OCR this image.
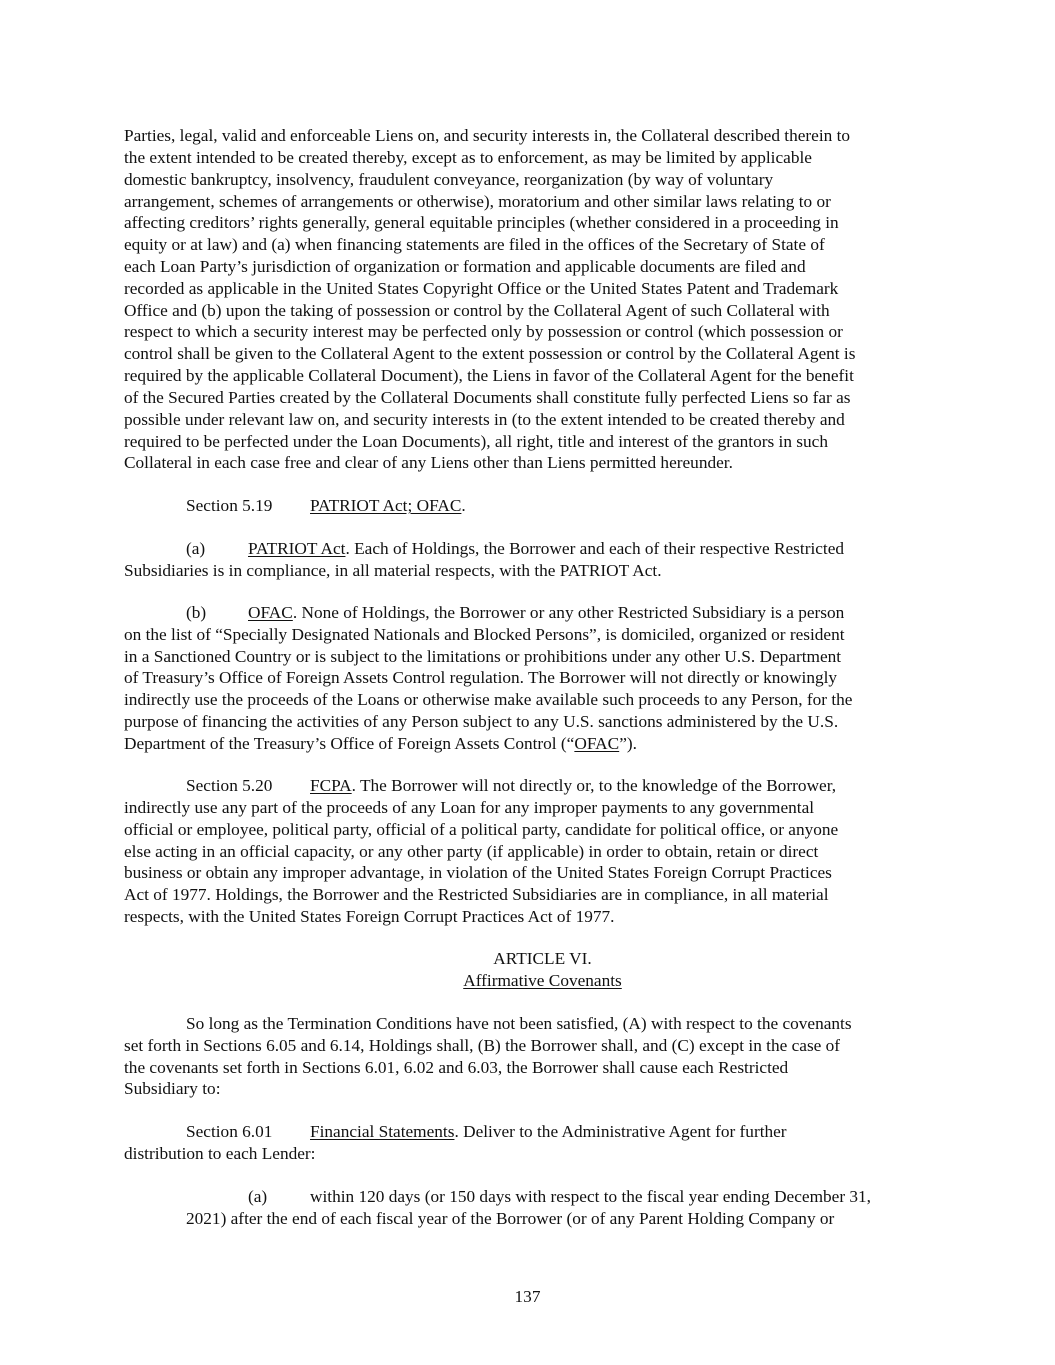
Parties, legal, valid and enforceable Liens on, and security interests in, the Collateral described therein to
the extent intended to be created thereby, except as to enforcement, as may be limited by applicable
domestic bankruptcy, insolvency, fraudulent conveyance, reorganization (by way of voluntary
arrangement, schemes of arrangements or otherwise), moratorium and other similar laws relating to or
affecting creditors’ rights generally, general equitable principles (whether considered in a proceeding in
equity or at law) and (a) when financing statements are filed in the offices of the Secretary of State of
each Loan Party’s jurisdiction of organization or formation and applicable documents are filed and
recorded as applicable in the United States Copyright Office or the United States Patent and Trademark
Office and (b) upon the taking of possession or control by the Collateral Agent of such Collateral with
respect to which a security interest may be perfected only by possession or control (which possession or
control shall be given to the Collateral Agent to the extent possession or control by the Collateral Agent is
required by the applicable Collateral Document), the Liens in favor of the Collateral Agent for the benefit
of the Secured Parties created by the Collateral Documents shall constitute fully perfected Liens so far as
possible under relevant law on, and security interests in (to the extent intended to be created thereby and
required to be perfected under the Loan Documents), all right, title and interest of the grantors in such
Collateral in each case free and clear of any Liens other than Liens permitted hereunder.
Section 5.19 PATRIOT Act; OFAC.
(a) PATRIOT Act. Each of Holdings, the Borrower and each of their respective Restricted
Subsidiaries is in compliance, in all material respects, with the PATRIOT Act.
(b) OFAC. None of Holdings, the Borrower or any other Restricted Subsidiary is a person
on the list of “Specially Designated Nationals and Blocked Persons”, is domiciled, organized or resident
in a Sanctioned Country or is subject to the limitations or prohibitions under any other U.S. Department
of Treasury’s Office of Foreign Assets Control regulation. The Borrower will not directly or knowingly
indirectly use the proceeds of the Loans or otherwise make available such proceeds to any Person, for the
purpose of financing the activities of any Person subject to any U.S. sanctions administered by the U.S.
Department of the Treasury’s Office of Foreign Assets Control (“OFAC”).
Section 5.20 FCPA. The Borrower will not directly or, to the knowledge of the Borrower,
indirectly use any part of the proceeds of any Loan for any improper payments to any governmental
official or employee, political party, official of a political party, candidate for political office, or anyone
else acting in an official capacity, or any other party (if applicable) in order to obtain, retain or direct
business or obtain any improper advantage, in violation of the United States Foreign Corrupt Practices
Act of 1977. Holdings, the Borrower and the Restricted Subsidiaries are in compliance, in all material
respects, with the United States Foreign Corrupt Practices Act of 1977.
ARTICLE VI.
Affirmative Covenants
So long as the Termination Conditions have not been satisfied, (A) with respect to the covenants
set forth in Sections 6.05 and 6.14, Holdings shall, (B) the Borrower shall, and (C) except in the case of
the covenants set forth in Sections 6.01, 6.02 and 6.03, the Borrower shall cause each Restricted
Subsidiary to:
Section 6.01 Financial Statements. Deliver to the Administrative Agent for further
distribution to each Lender:
(a) within 120 days (or 150 days with respect to the fiscal year ending December 31,
2021) after the end of each fiscal year of the Borrower (or of any Parent Holding Company or
137
